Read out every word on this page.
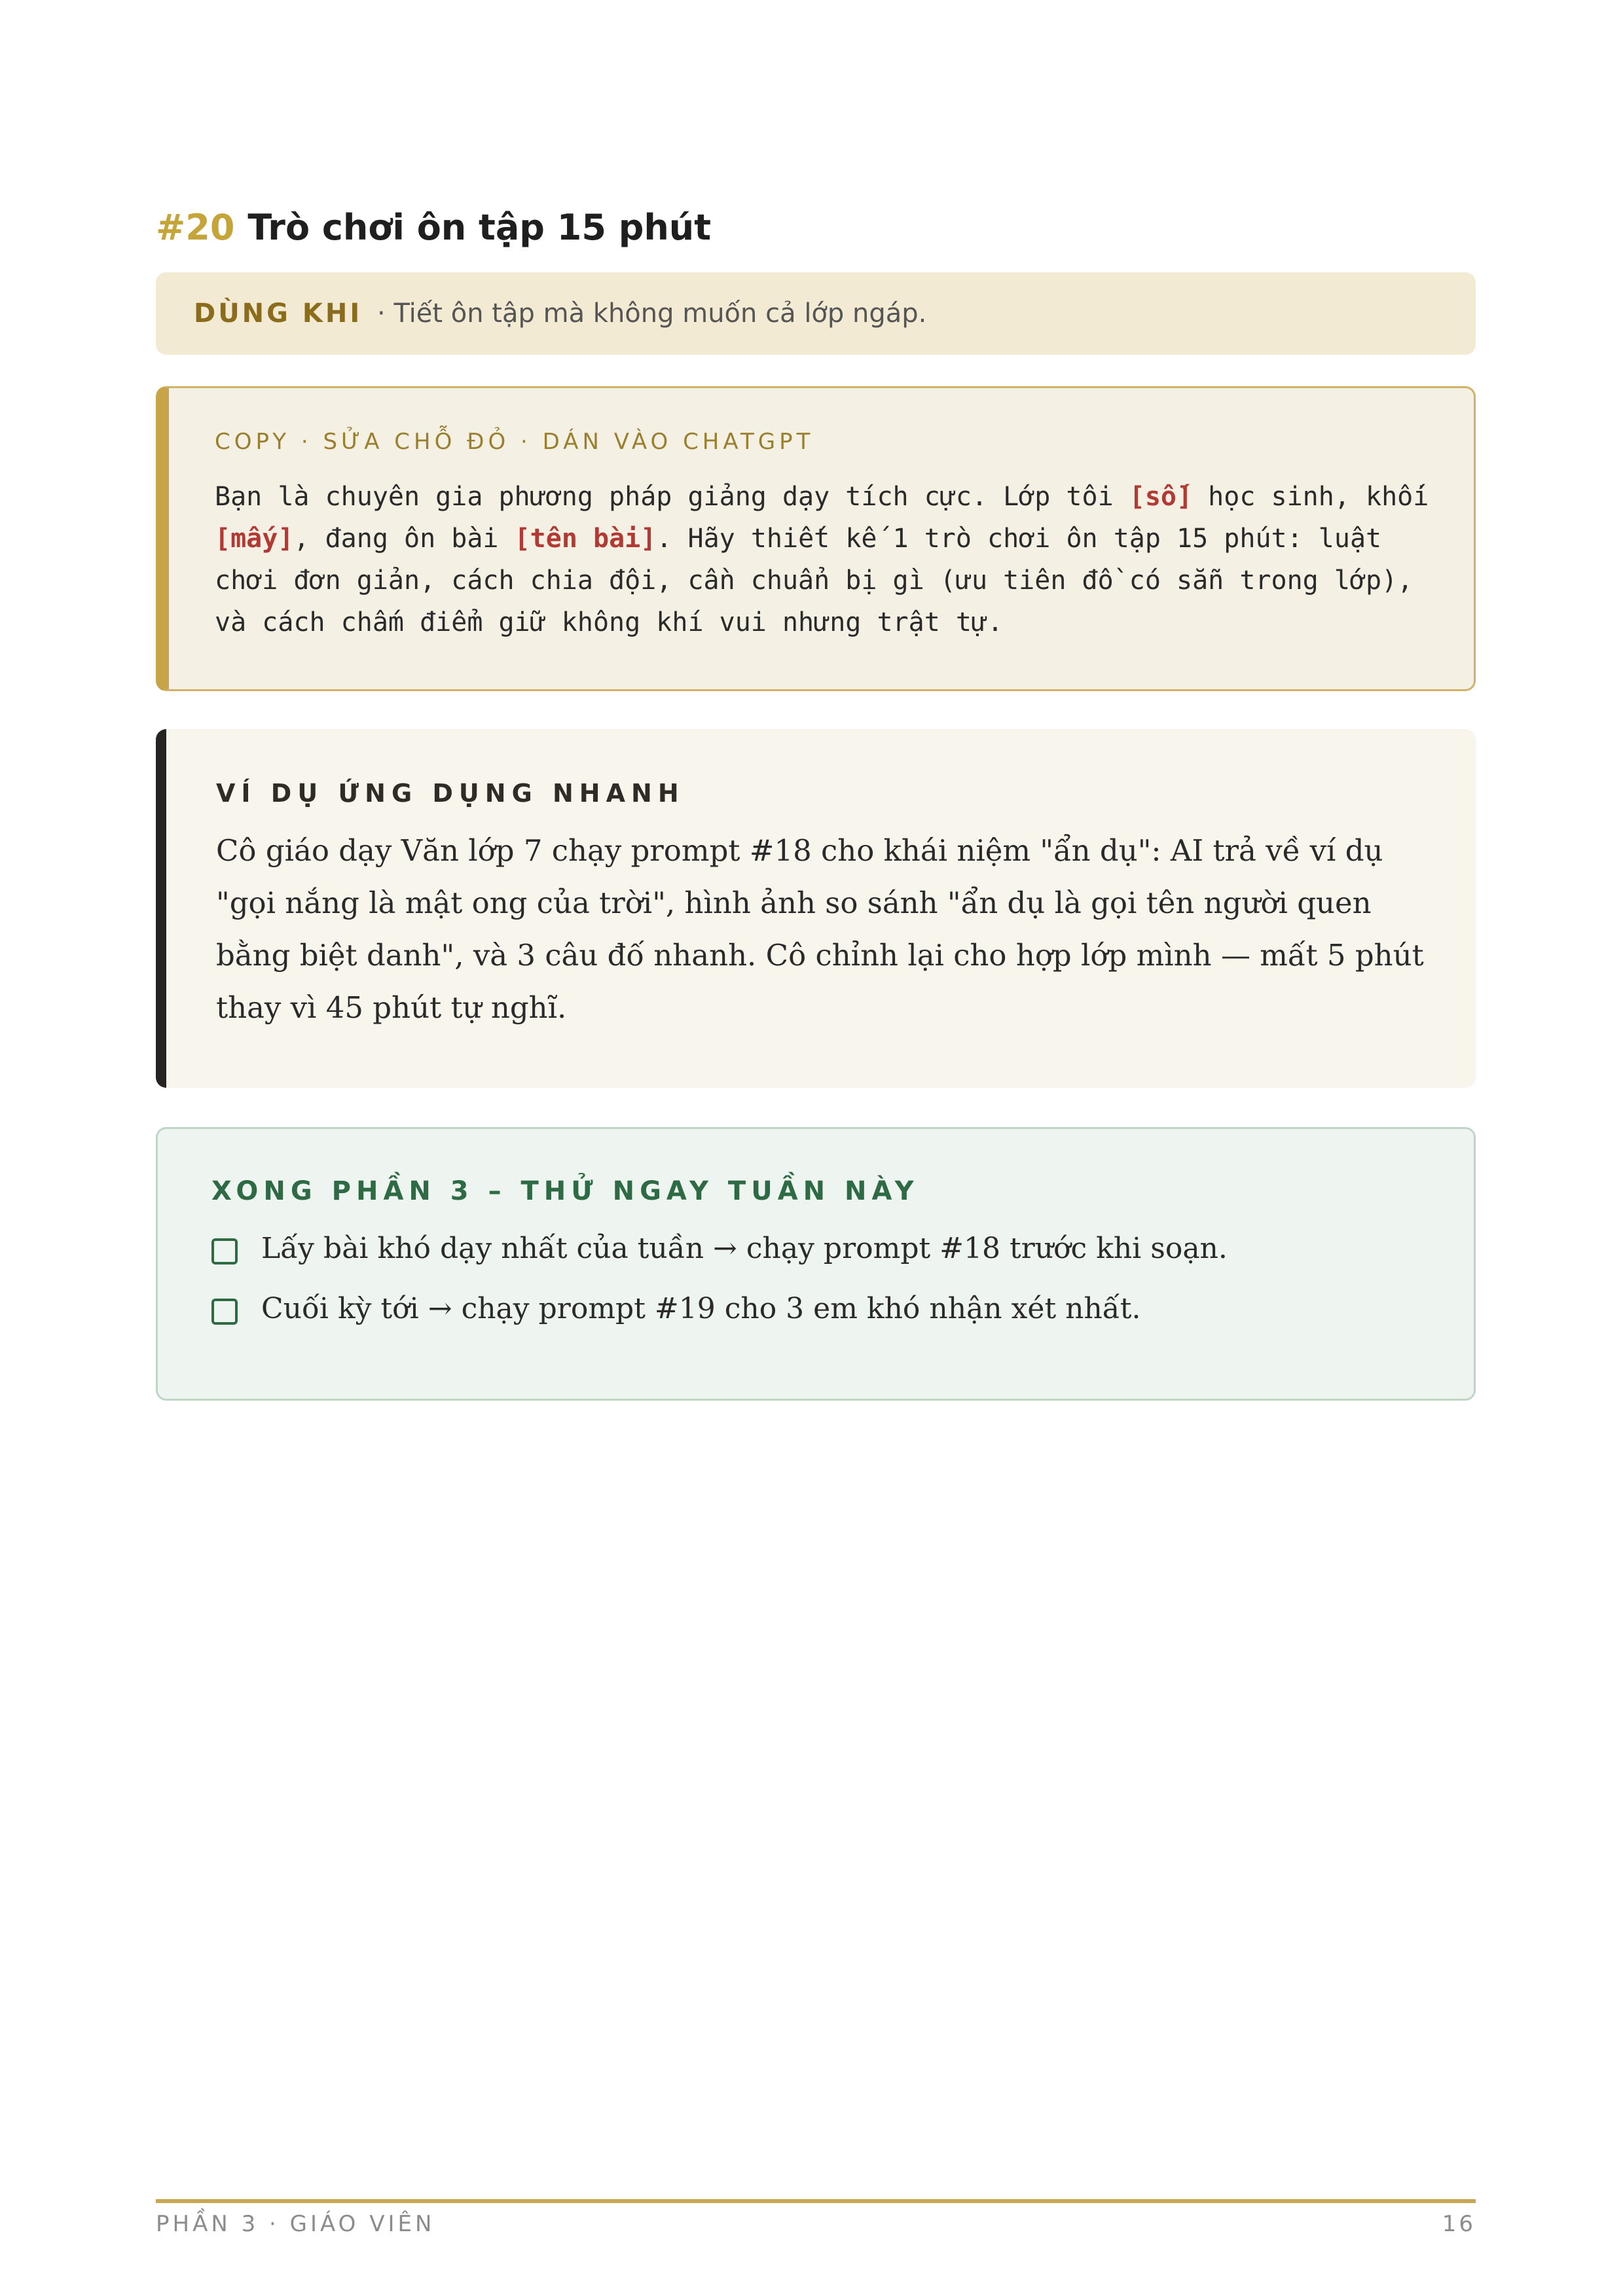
#20 Trò chơi ôn tập 15 phút
DÙNG KHI · Tiết ôn tập mà không muốn cả lớp ngáp.
COPY · SỬA CHỖ ĐỎ · DÁN VÀO CHATGPT
Bạn là chuyên gia phương pháp giảng dạy tích cực. Lớp tôi [số] học sinh, khối [mấy], đang ôn bài [tên bài]. Hãy thiết kế 1 trò chơi ôn tập 15 phút: luật chơi đơn giản, cách chia đội, cần chuẩn bị gì (ưu tiên đồ có sẵn trong lớp), và cách chấm điểm giữ không khí vui nhưng trật tự.
VÍ DỤ ỨNG DỤNG NHANH
Cô giáo dạy Văn lớp 7 chạy prompt #18 cho khái niệm "ẩn dụ": AI trả về ví dụ "gọi nắng là mật ong của trời", hình ảnh so sánh "ẩn dụ là gọi tên người quen bằng biệt danh", và 3 câu đố nhanh. Cô chỉnh lại cho hợp lớp mình — mất 5 phút thay vì 45 phút tự nghĩ.
XONG PHẦN 3 – THỬ NGAY TUẦN NÀY
Lấy bài khó dạy nhất của tuần → chạy prompt #18 trước khi soạn.
Cuối kỳ tới → chạy prompt #19 cho 3 em khó nhận xét nhất.
PHẦN 3 · GIÁO VIÊN	16
